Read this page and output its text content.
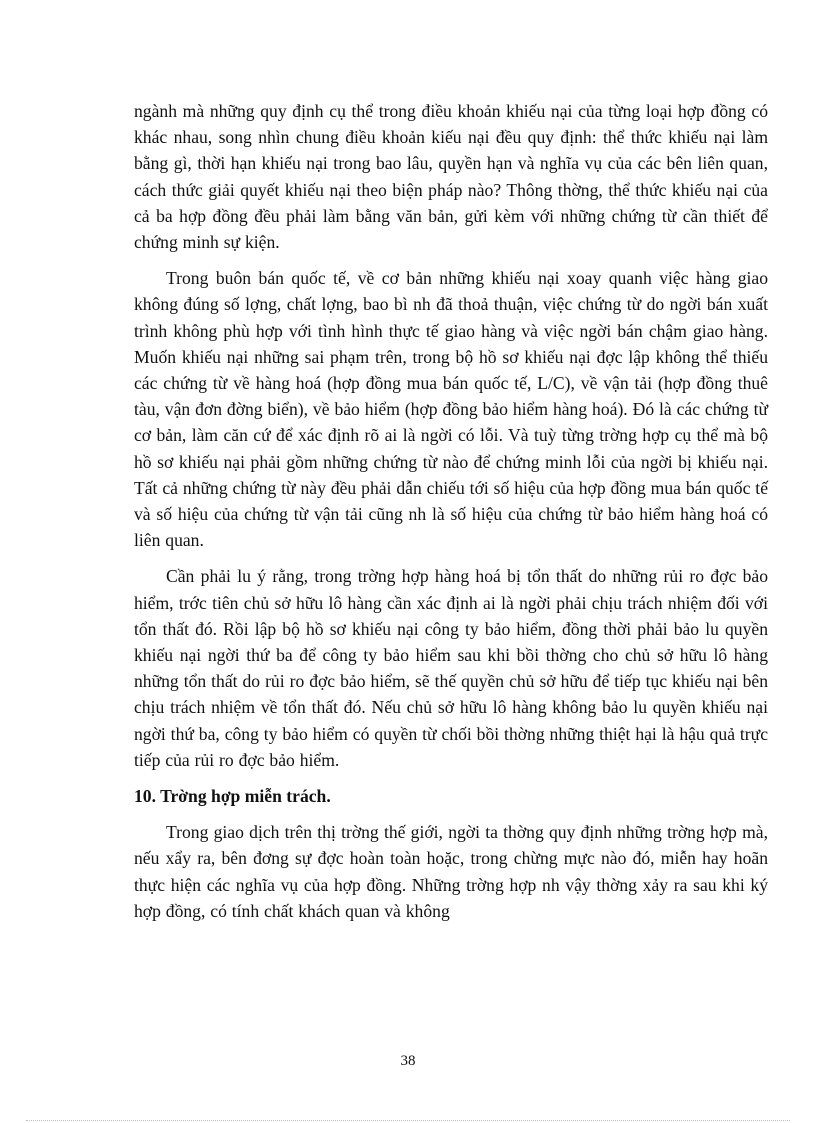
ngành mà những quy định cụ thể trong điều khoản khiếu nại của từng loại hợp đồng có khác nhau, song nhìn chung điều khoản kiếu nại đều quy định: thể thức khiếu nại làm bằng gì, thời hạn khiếu nại trong bao lâu, quyền hạn và nghĩa vụ của các bên liên quan, cách thức giải quyết khiếu nại theo biện pháp nào? Thông thờng, thể thức khiếu nại của cả ba hợp đồng đều phải làm bằng văn bản, gửi kèm với những chứng từ cần thiết để chứng minh sự kiện.

Trong buôn bán quốc tế, về cơ bản những khiếu nại xoay quanh việc hàng giao không đúng số lợng, chất lợng, bao bì nh đã thoả thuận, việc chứng từ do ngời bán xuất trình không phù hợp với tình hình thực tế giao hàng và việc ngời bán chậm giao hàng. Muốn khiếu nại những sai phạm trên, trong bộ hồ sơ khiếu nại đợc lập không thể thiếu các chứng từ về hàng hoá (hợp đồng mua bán quốc tế, L/C), về vận tải (hợp đồng thuê tàu, vận đơn đờng biển), về bảo hiểm (hợp đồng bảo hiểm hàng hoá). Đó là các chứng từ cơ bản, làm căn cứ để xác định rõ ai là ngời có lỗi. Và tuỳ từng trờng hợp cụ thể mà bộ hồ sơ khiếu nại phải gồm những chứng từ nào để chứng minh lỗi của ngời bị khiếu nại. Tất cả những chứng từ này đều phải dẫn chiếu tới số hiệu của hợp đồng mua bán quốc tế và số hiệu của chứng từ vận tải cũng nh là số hiệu của chứng từ bảo hiểm hàng hoá có liên quan.

Cần phải lu ý rằng, trong trờng hợp hàng hoá bị tổn thất do những rủi ro đợc bảo hiểm, trớc tiên chủ sở hữu lô hàng cần xác định ai là ngời phải chịu trách nhiệm đối với tổn thất đó. Rồi lập bộ hồ sơ khiếu nại công ty bảo hiểm, đồng thời phải bảo lu quyền khiếu nại ngời thứ ba để công ty bảo hiểm sau khi bồi thờng cho chủ sở hữu lô hàng những tổn thất do rủi ro đợc bảo hiểm, sẽ thế quyền chủ sở hữu để tiếp tục khiếu nại bên chịu trách nhiệm về tổn thất đó. Nếu chủ sở hữu lô hàng không bảo lu quyền khiếu nại ngời thứ ba, công ty bảo hiểm có quyền từ chối bồi thờng những thiệt hại là hậu quả trực tiếp của rủi ro đợc bảo hiểm.

10. Trờng hợp miễn trách.

Trong giao dịch trên thị trờng thế giới, ngời ta thờng quy định những trờng hợp mà, nếu xẩy ra, bên đơng sự đợc hoàn toàn hoặc, trong chừng mực nào đó, miễn hay hoãn thực hiện các nghĩa vụ của hợp đồng. Những trờng hợp nh vậy thờng xảy ra sau khi ký hợp đồng, có tính chất khách quan và không

38
